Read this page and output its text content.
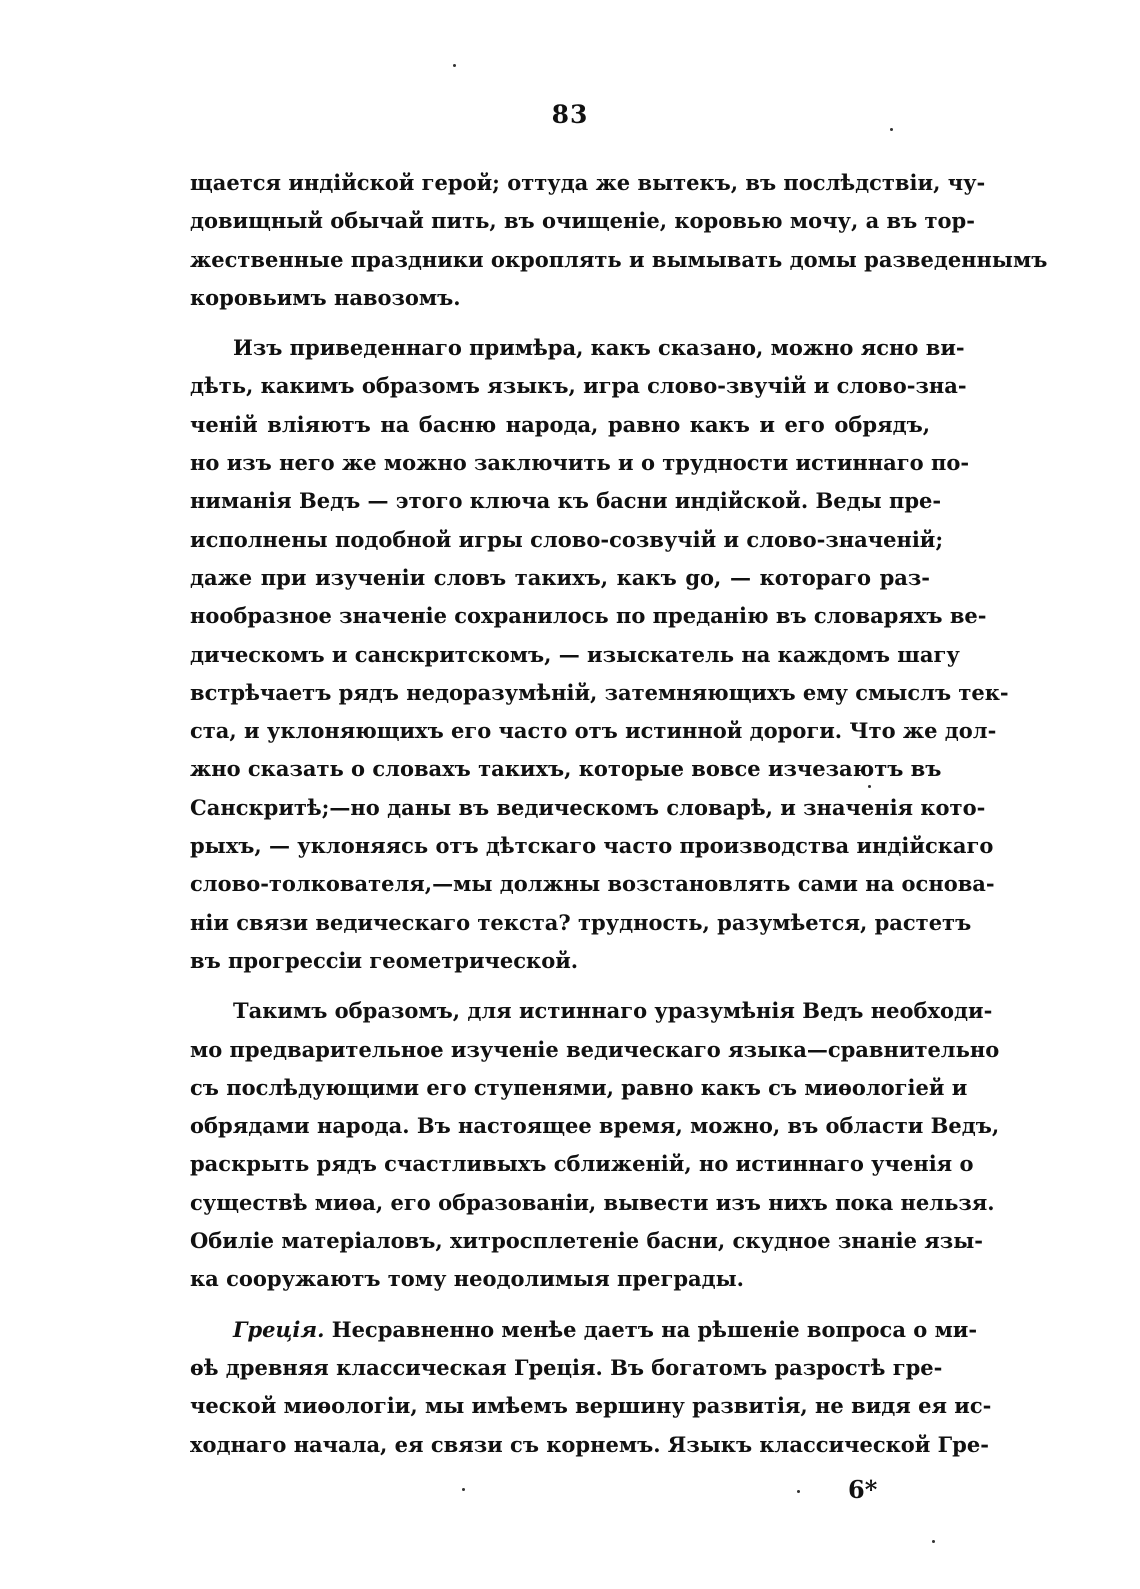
83
щается индійской герой; оттуда же вытекъ, въ послѣдствіи, чу-
довищный обычай пить, въ очищеніе, коровью мочу, а въ тор-
жественные праздники окроплять и вымывать домы разведеннымъ
коровьимъ навозомъ.
Изъ приведеннаго примѣра, какъ сказано, можно ясно ви-
дѣть, какимъ образомъ языкъ, игра слово-звучій и слово-зна-
ченій вліяютъ на басню народа, равно какъ и его обрядъ,
но изъ него же можно заключить и о трудности истиннаго по-
ниманія Ведъ — этого ключа къ басни индійской. Веды пре-
исполнены подобной игры слово-созвучій и слово-значеній;
даже при изученіи словъ такихъ, какъ go, — котораго раз-
нообразное значеніе сохранилось по преданію въ словаряхъ ве-
дическомъ и санскритскомъ, — изыскатель на каждомъ шагу
встрѣчаетъ рядъ недоразумѣній, затемняющихъ ему смыслъ тек-
ста, и уклоняющихъ его часто отъ истинной дороги. Что же дол-
жно сказать о словахъ такихъ, которые вовсе изчезаютъ въ
Санскритѣ;—но даны въ ведическомъ словарѣ, и значенія кото-
рыхъ, — уклоняясь отъ дѣтскаго часто производства индійскаго
слово-толкователя,—мы должны возстановлять сами на основа-
ніи связи ведическаго текста? трудность, разумѣется, растетъ
въ прогрессіи геометрической.
Такимъ образомъ, для истиннаго уразумѣнія Ведъ необходи-
мо предварительное изученіе ведическаго языка—сравнительно
съ послѣдующими его ступенями, равно какъ съ миѳологіей и
обрядами народа. Въ настоящее время, можно, въ области Ведъ,
раскрыть рядъ счастливыхъ сближеній, но истиннаго ученія о
существѣ миѳа, его образованіи, вывести изъ нихъ пока нельзя.
Обиліе матеріаловъ, хитросплетеніе басни, скудное знаніе язы-
ка сооружаютъ тому неодолимыя преграды.
Греція. Несравненно менѣе даетъ на рѣшеніе вопроса о ми-
ѳѣ древняя классическая Греція. Въ богатомъ разростѣ гре-
ческой миѳологіи, мы имѣемъ вершину развитія, не видя ея ис-
ходнаго начала, ея связи съ корнемъ. Языкъ классической Гре-
6*
